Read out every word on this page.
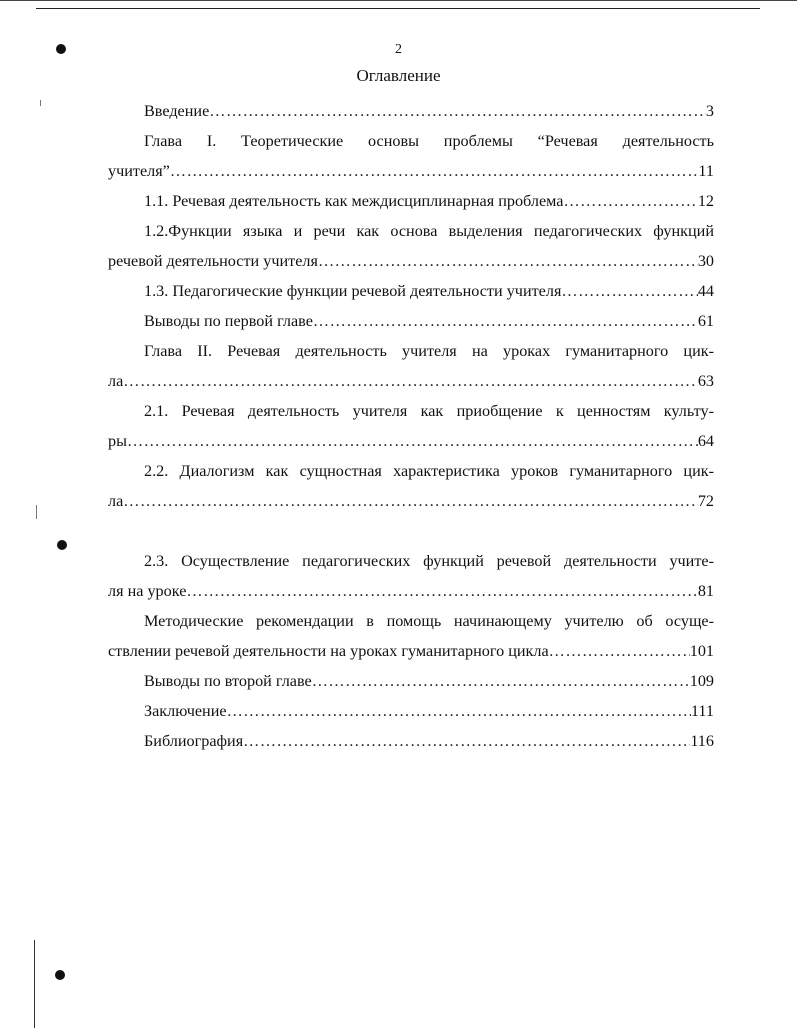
2
Оглавление
Введение ……………………………………………………………………………………………………………………………………………………………………………	3
Глава I. Теоретические основы проблемы “Речевая деятельность
учителя” ……………………………………………………………………………………………………………………………………………………………………………	11
1.1. Речевая деятельность как междисциплинарная проблема ……………………………………………………………………………………………………………………………………………………………………………	12
1.2.Функции языка и речи как основа выделения педагогических функций
речевой деятельности учителя ……………………………………………………………………………………………………………………………………………………………………………	30
1.3. Педагогические функции речевой деятельности учителя ……………………………………………………………………………………………………………………………………………………………………………	44
Выводы по первой главе ……………………………………………………………………………………………………………………………………………………………………………	61
Глава II. Речевая деятельность учителя на уроках гуманитарного цик-
ла ……………………………………………………………………………………………………………………………………………………………………………	63
2.1. Речевая деятельность учителя как приобщение к ценностям культу-
ры ……………………………………………………………………………………………………………………………………………………………………………	64
2.2. Диалогизм как сущностная характеристика уроков гуманитарного цик-
ла ……………………………………………………………………………………………………………………………………………………………………………	72
2.3. Осуществление педагогических функций речевой деятельности учите-
ля на уроке ……………………………………………………………………………………………………………………………………………………………………………	81
Методические рекомендации в помощь начинающему учителю об осуще-
ствлении речевой деятельности на уроках гуманитарного цикла ……………………………………………………………………………………………………………………………………………………………………………	101
Выводы по второй главе ……………………………………………………………………………………………………………………………………………………………………………	109
Заключение ……………………………………………………………………………………………………………………………………………………………………………	111
Библиография ……………………………………………………………………………………………………………………………………………………………………………	116
